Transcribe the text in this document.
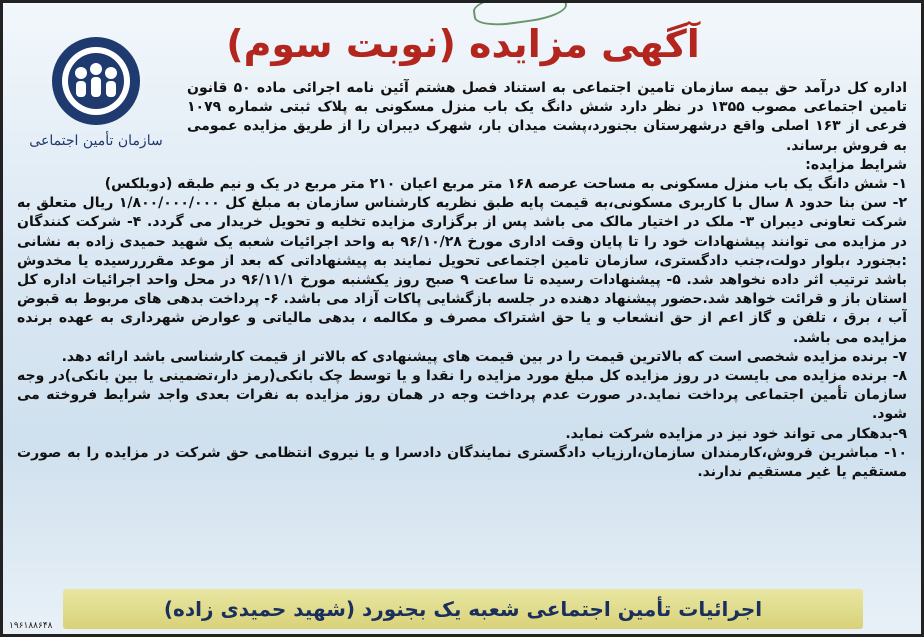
آگهی مزایده (نوبت سوم)
سازمان تأمین اجتماعی

اداره کل درآمد حق بیمه سازمان تامین اجتماعی به استناد فصل هشتم آئین نامه اجرائی ماده ۵۰ قانون تامین اجتماعی مصوب ۱۳۵۵ در نظر دارد شش دانگ یک باب منزل مسکونی به پلاک ثبتی شماره ۱۰۷۹ فرعی از ۱۶۳ اصلی واقع درشهرستان بجنورد،پشت میدان بار، شهرک دیبران را از طریق مزایده عمومی به فروش برساند.

شرایط مزایده:

۱- شش دانگ یک باب منزل مسکونی به مساحت عرصه ۱۶۸ متر مربع اعیان ۲۱۰ متر مربع در یک و نیم طبقه (دوبلکس)

۲- سن بنا حدود ۸ سال با کاربری مسکونی،به قیمت پایه طبق نظریه کارشناس سازمان به مبلغ کل ۱/۸۰۰/۰۰۰/۰۰۰ ریال متعلق به شرکت تعاونی دیبران ۳- ملک در اختیار مالک می باشد پس از برگزاری مزایده تخلیه و تحویل خریدار می گردد. ۴- شرکت کنندگان در مزایده می توانند پیشنهادات خود را تا پایان وقت اداری مورخ ۹۶/۱۰/۲۸ به واحد اجرائیات شعبه یک شهید حمیدی زاده به نشانی :بجنورد ،بلوار دولت،جنب دادگستری، سازمان تامین اجتماعی تحویل نمایند به پیشنهاداتی که بعد از موعد مقرررسیده یا مخدوش باشد ترتیب اثر داده نخواهد شد. ۵- پیشنهادات رسیده تا ساعت ۹ صبح روز یکشنبه مورخ ۹۶/۱۱/۱ در محل واحد اجرائیات اداره کل استان باز و قرائت خواهد شد.حضور پیشنهاد دهنده در جلسه بازگشایی پاکات آزاد می باشد. ۶- پرداخت بدهی های مربوط به قبوض آب ، برق ، تلفن و گاز اعم از حق انشعاب و یا حق اشتراک مصرف و مکالمه ، بدهی مالیاتی و عوارض شهرداری به عهده برنده مزایده می باشد.

۷- برنده مزایده شخصی است که بالاترین قیمت را در بین قیمت های پیشنهادی که بالاتر از قیمت کارشناسی باشد ارائه دهد.

۸- برنده مزایده می بایست در روز مزایده کل مبلغ مورد مزایده را نقدا و یا توسط چک بانکی(رمز دار،تضمینی یا بین بانکی)در وجه سازمان تأمین اجتماعی پرداخت نماید.در صورت عدم پرداخت وجه در همان روز مزایده به نفرات بعدی واجد شرایط فروخته می شود.

۹-بدهکار می تواند خود نیز در مزایده شرکت نماید.

۱۰- مباشرین فروش،کارمندان سازمان،ارزیاب دادگستری نمایندگان دادسرا و یا نیروی انتظامی حق شرکت در مزایده را به صورت مستقیم یا غیر مستقیم ندارند.

اجرائیات تأمین اجتماعی شعبه یک بجنورد (شهید حمیدی زاده)
۱۹۶۱۸۸۶۴۸
